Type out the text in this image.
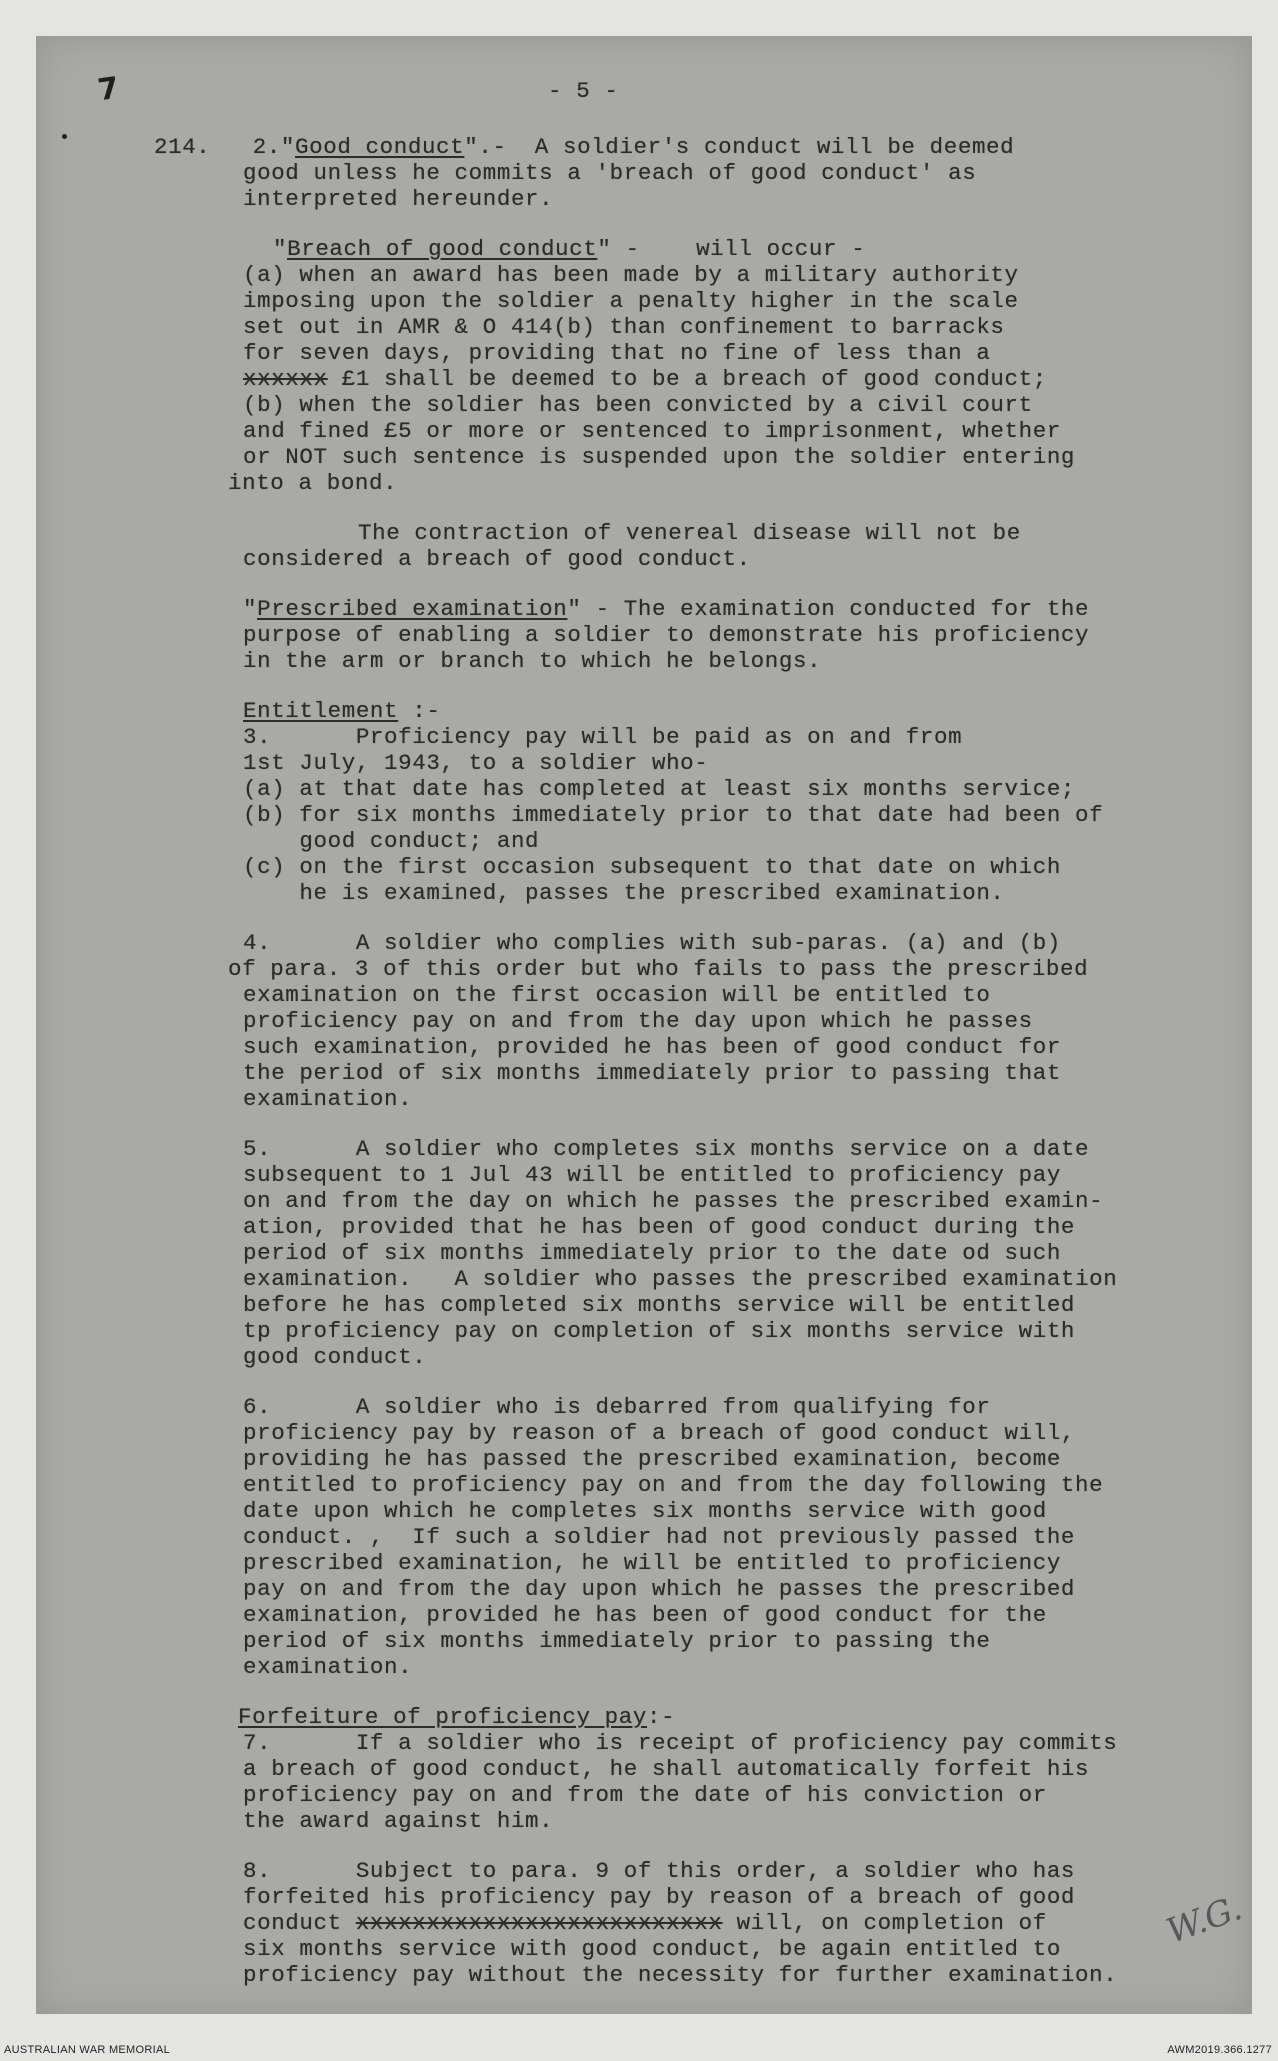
7	- 5 -
214.   2."Good conduct".-  A soldier's conduct will be deemed
good unless he commits a 'breach of good conduct' as
interpreted hereunder.
"Breach of good conduct" -    will occur -
(a) when an award has been made by a military authority
imposing upon the soldier a penalty higher in the scale
set out in AMR & O 414(b) than confinement to barracks
for seven days, providing that no fine of less than a
xxxxxx £1 shall be deemed to be a breach of good conduct;
(b) when the soldier has been convicted by a civil court
and fined £5 or more or sentenced to imprisonment, whether
or NOT such sentence is suspended upon the soldier entering
into a bond.
The contraction of venereal disease will not be
considered a breach of good conduct.
"Prescribed examination" - The examination conducted for the
purpose of enabling a soldier to demonstrate his proficiency
in the arm or branch to which he belongs.
Entitlement :-
3.      Proficiency pay will be paid as on and from
1st July, 1943, to a soldier who-
(a) at that date has completed at least six months service;
(b) for six months immediately prior to that date had been of
good conduct; and
(c) on the first occasion subsequent to that date on which
he is examined, passes the prescribed examination.
4.      A soldier who complies with sub-paras. (a) and (b)
of para. 3 of this order but who fails to pass the prescribed
examination on the first occasion will be entitled to
proficiency pay on and from the day upon which he passes
such examination, provided he has been of good conduct for
the period of six months immediately prior to passing that
examination.
5.      A soldier who completes six months service on a date
subsequent to 1 Jul 43 will be entitled to proficiency pay
on and from the day on which he passes the prescribed examin-
ation, provided that he has been of good conduct during the
period of six months immediately prior to the date od such
examination.   A soldier who passes the prescribed examination
before he has completed six months service will be entitled
tp proficiency pay on completion of six months service with
good conduct.
6.      A soldier who is debarred from qualifying for
proficiency pay by reason of a breach of good conduct will,
providing he has passed the prescribed examination, become
entitled to proficiency pay on and from the day following the
date upon which he completes six months service with good
conduct. ,  If such a soldier had not previously passed the
prescribed examination, he will be entitled to proficiency
pay on and from the day upon which he passes the prescribed
examination, provided he has been of good conduct for the
period of six months immediately prior to passing the
examination.
Forfeiture of proficiency pay:-
7.      If a soldier who is receipt of proficiency pay commits
a breach of good conduct, he shall automatically forfeit his
proficiency pay on and from the date of his conviction or
the award against him.
8.      Subject to para. 9 of this order, a soldier who has
forfeited his proficiency pay by reason of a breach of good
conduct xxxxxxxxxxxxxxxxxxxxxxxxxx will, on completion of
six months service with good conduct, be again entitled to
proficiency pay without the necessity for further examination.
W.G.
AUSTRALIAN WAR MEMORIAL	AWM2019.366.1277
